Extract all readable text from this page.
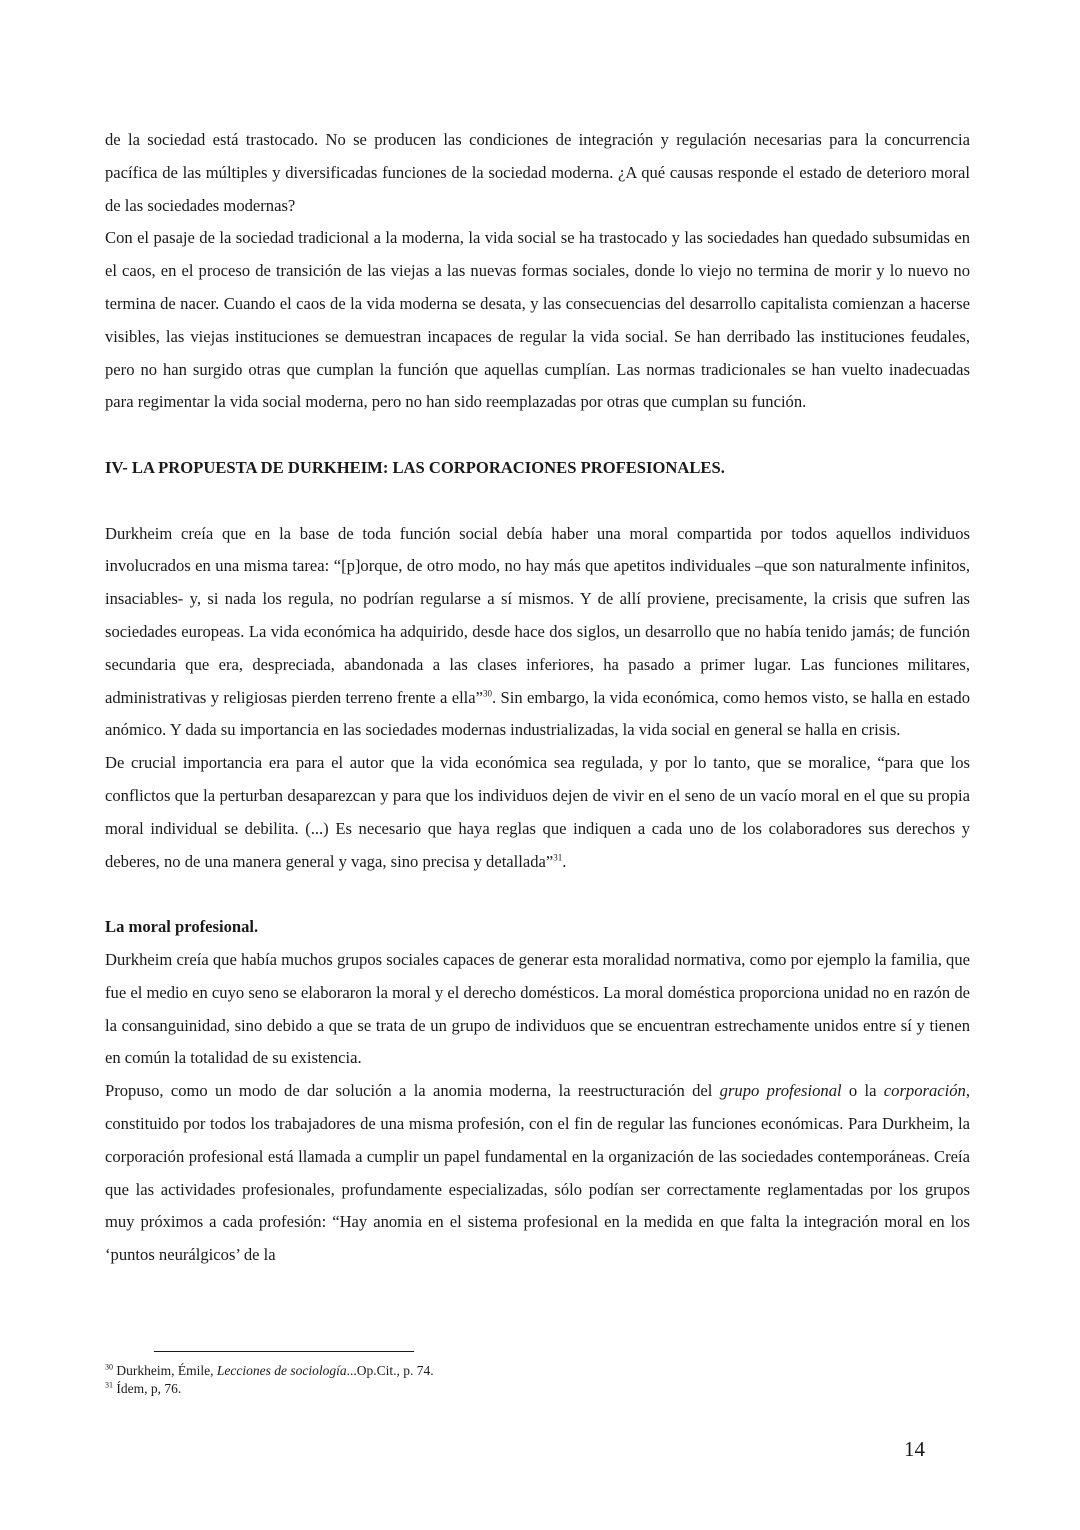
de la sociedad está trastocado. No se producen las condiciones de integración y regulación necesarias para la concurrencia pacífica de las múltiples y diversificadas funciones de la sociedad moderna. ¿A qué causas responde el estado de deterioro moral de las sociedades modernas?

Con el pasaje de la sociedad tradicional a la moderna, la vida social se ha trastocado y las sociedades han quedado subsumidas en el caos, en el proceso de transición de las viejas a las nuevas formas sociales, donde lo viejo no termina de morir y lo nuevo no termina de nacer. Cuando el caos de la vida moderna se desata, y las consecuencias del desarrollo capitalista comienzan a hacerse visibles, las viejas instituciones se demuestran incapaces de regular la vida social. Se han derribado las instituciones feudales, pero no han surgido otras que cumplan la función que aquellas cumplían. Las normas tradicionales se han vuelto inadecuadas para regimentar la vida social moderna, pero no han sido reemplazadas por otras que cumplan su función.

IV- LA PROPUESTA DE DURKHEIM: LAS CORPORACIONES PROFESIONALES.

Durkheim creía que en la base de toda función social debía haber una moral compartida por todos aquellos individuos involucrados en una misma tarea: “[p]orque, de otro modo, no hay más que apetitos individuales –que son naturalmente infinitos, insaciables- y, si nada los regula, no podrían regularse a sí mismos. Y de allí proviene, precisamente, la crisis que sufren las sociedades europeas. La vida económica ha adquirido, desde hace dos siglos, un desarrollo que no había tenido jamás; de función secundaria que era, despreciada, abandonada a las clases inferiores, ha pasado a primer lugar. Las funciones militares, administrativas y religiosas pierden terreno frente a ella”$^{30}$. Sin embargo, la vida económica, como hemos visto, se halla en estado anómico. Y dada su importancia en las sociedades modernas industrializadas, la vida social en general se halla en crisis.

De crucial importancia era para el autor que la vida económica sea regulada, y por lo tanto, que se moralice, “para que los conflictos que la perturban desaparezcan y para que los individuos dejen de vivir en el seno de un vacío moral en el que su propia moral individual se debilita. (...) Es necesario que haya reglas que indiquen a cada uno de los colaboradores sus derechos y deberes, no de una manera general y vaga, sino precisa y detallada”$^{31}$.

La moral profesional.

Durkheim creía que había muchos grupos sociales capaces de generar esta moralidad normativa, como por ejemplo la familia, que fue el medio en cuyo seno se elaboraron la moral y el derecho domésticos. La moral doméstica proporciona unidad no en razón de la consanguinidad, sino debido a que se trata de un grupo de individuos que se encuentran estrechamente unidos entre sí y tienen en común la totalidad de su existencia.

Propuso, como un modo de dar solución a la anomia moderna, la reestructuración del grupo profesional o la corporación, constituido por todos los trabajadores de una misma profesión, con el fin de regular las funciones económicas. Para Durkheim, la corporación profesional está llamada a cumplir un papel fundamental en la organización de las sociedades contemporáneas. Creía que las actividades profesionales, profundamente especializadas, sólo podían ser correctamente reglamentadas por los grupos muy próximos a cada profesión: “Hay anomia en el sistema profesional en la medida en que falta la integración moral en los ‘puntos neurálgicos’ de la

$^{30}$ Durkheim, Émile, Lecciones de sociología...Op.Cit., p. 74.
$^{31}$ Ídem, p, 76.
14
